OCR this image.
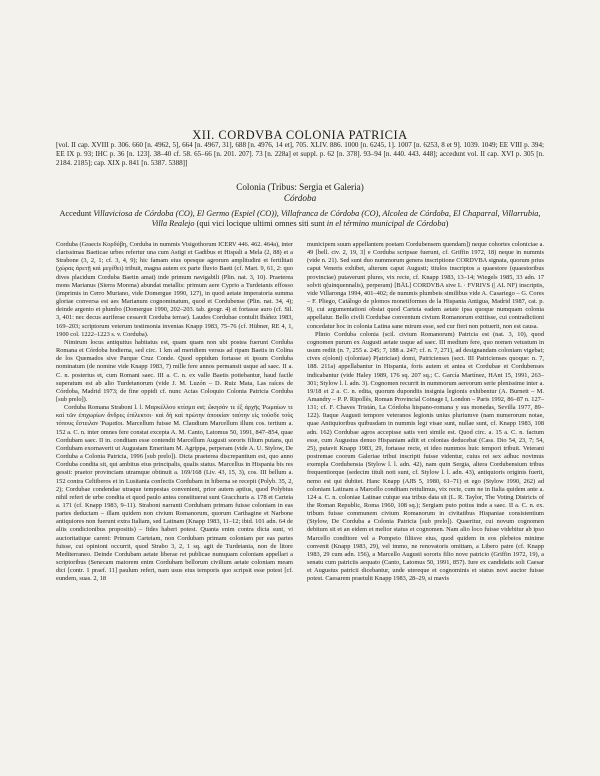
XII. CORDVBA COLONIA PATRICIA
[vol. II cap. XVIII p. 306. 660 [n. 4962, 5], 664 [n. 4967, 31], 688 [n. 4976, 14 et], 705. XLIV. 886. 1000 [n. 6245, 1]. 1007 [n. 6253, 8 et 9]. 1039. 1049; EE VIII p. 394; EE IX p. 93; IHC p. 36 [n. 123]. 38–40 cf. 58. 65–66 [n. 201. 207]. 73 [n. 228a] et suppl. p. 62 [n. 378]. 93–94 [n. 440. 443. 448]; accedunt vol. II cap. XVI p. 305 [n. 2184. 2185]; cap. XIX p. 841 [n. 5387. 5388]]
Colonia (Tribus: Sergia et Galeria)
Córdoba
Accedunt Villaviciosa de Córdoba (CO), El Germo (Espiel (CO)), Villafranca de Córdoba (CO), Alcolea de Córdoba, El Chaparral, Villarrubia, Villa Realejo (qui vici locique ultimi omnes siti sunt in el término municipal de Córdoba)

Corduba (Graecis Κορδύβη, Corduba in nummis Visigothorum ICERV 446. 462. 464a), inter clarissimas Baeticae urbes refertur una cum Astigi et Gadibus et Hispali a Mela (2, 88) et a Strabone (3, 2, 1; cf. 3, 4, 9); hic famam eius opesque agrorum amplitudini et fertilitati (χώρας ἀρετῇ καὶ μεγέθει) tribuit, magna autem ex parte fluvio Baeti (cf. Mart. 9, 61, 2: quo dives placidum Corduba Baetin amat) inde primum navigabili (Plin. nat. 3, 10). Praeterea mons Marianus (Sierra Morena) abundat metallis: primum aere Cyprio a Turdetanis effosso (imprimis in Cerro Muriano, vide Domergue 1990, 127), in quod aetate imperatoria summa gloriae conversa est aes Marianum cognominatum, quod et Cordubense (Plin. nat. 34, 4); deinde argento et plumbo (Domergue 1990, 202–203. tab. geogr. 4) et fortasse auro (cf. Sil. 3, 401: nec decus auriferae cessavit Corduba terrae). Laudes Cordubae contulit Ibáñez 1983, 169–203; scriptorum veterum testimonia invenias Knapp 1983, 75–76 (cf. Hübner, RE 4, 1, 1900 col. 1222–1223 s. v. Corduba).

Nimirum locus antiquitus habitatus est, quam quam non ubi postea fuerunt Corduba Romana et Córdoba hodierna, sed circ. 1 km ad meridiem versus ad ripam Baetis in Colina de los Quemados sive Parque Cruz Conde. Quod oppidum fortasse et ipsum Corduba nominatum (de nomine vide Knapp 1983, 7) mille fere annos permansit usque ad saec. II a. C. n. posterius et, cum Romani saec. III a. C. n. ex valle Baetis potiebantur, haud facile superatum est ab alio Turdetanorum (vide J. M. Luzón – D. Ruiz Mata, Las raíces de Córdoba, Madrid 1973; de fine oppidi cf. nunc Actas Coloquio Colonia Patricia Corduba [sub prelo]).

Corduba Romana Straboni l. l. Μαρκέλλου κτίσμα est; ὤκησάν τε ἐξ ἀρχῆς Ῥωμαίων τε καὶ τῶν ἐπιχωρίων ἄνδρες ἐπίλεκτοι· καὶ δὴ καὶ πρώτην ἀποικίαν ταύτην εἰς τούσδε τοὺς τόπους ἔστειλαν Ῥωμαῖοι. Marcellum fuisse M. Claudium Marcellum illum cos. tertium a. 152 a. C. n. inter omnes fere constat excepta A. M. Canto, Latomus 50, 1991, 847–854, quae Cordubam saec. II in. conditam esse contendit Marcellum Augusti sororis filium putans, qui Cordubam exornaverit ut Augustam Emeritam M. Agrippa, perperam (vide A. U. Stylow, De Corduba a Colonia Patricia, 1996 [sub prelo]). Dicta praeterea discrepantium est, quo anno Corduba condita sit, qui ambitus eius principalis, qualis status. Marcellus in Hispania bis res gessit: praetor provinciam utramque obtinuit a. 169/168 (Liv. 43, 15, 3), cos. III bellum a. 152 contra Celtiberos et in Lusitania confectis Cordubam in hiberna se recepit (Polyb. 35, 2, 2); Cordubae condendae utraque tempestas convenient, prior autem aptius, quod Polybius nihil refert de urbe condita et quod paulo antea constituerat sunt Gracchuris a. 178 et Carteia a. 171 (cf. Knapp 1983, 9–11). Straboni narranti Cordubam primam fuisse coloniam in eas partes deductam – illam quidem non civium Romanorum, quorum Carthagine et Narbone antiquiores non fuerunt extra Italiam, sed Latinam (Knapp 1983, 11–12; ibid. 101 adn. 64 de aliis condicionibus propositis) – fides haberi potest. Quanta enim contra dicta sunt, vi auctoritatique carent: Primum Carteiam, non Cordubam primam coloniam per eas partes fuisse, cui opinioni occurrit, quod Strabo 3, 2, 1 sq. agit de Turdetania, non de litore Mediterraneo. Deinde Cordubam aetate liberae rei publicae numquam coloniam appellari a scriptoribus (Senecam maiorem enim Cordubam bellorum civilium aetate coloniam meam dici [contr. 1 praef. 11] paulum refert, nam usus eius temporis quo scripsit esse potest [cf. eundem, suas. 2, 18

municipem suum appellantem poetam Cordubensem quendam]) neque cohortes coloniciae a. 49 [bell. civ. 2, 19, 3] e Corduba scripsae fuerunt, cf. Griffin 1972, 18) neque in nummis (vide n. 21). Sed sunt duo nummorum genera inscriptione CORDVBA signata, quorum prius caput Veneris exhibet, alterum caput Augusti; titulos inscriptos a quaestore (quaestoribus provinciae) putaverunt plures, vix recte, cf. Knapp 1983, 13–14; Wiegels 1985, 33 adn. 17 solvit q(uinquennalis), perperam) [BÄL] CORDVBA sive L · FVRIVS (| AL NF) inscriptis, vide Villaronga 1994, 401–402; de nummis plumbeis similibus vide A. Casariego – G. Cores – F. Pliego, Catálogo de plomos monetiformes de la Hispania Antigua, Madrid 1987, cat. p. 9), cui argumentationi obstat quod Carteia eadem aetate ipsa quoque numquam colonia appellatur. Bello civili Cordubae conventum civium Romanorum extitisse, cui contradictioni concedatur hoc in colonia Latina sane mirum esse, sed cur fieri non potuerit, non est causa.

Plinio Corduba colonia (scil. civium Romanorum) Patricia est (nat. 3, 10), quod cognomen purum ex Augusti aetate usque ad saec. III medium fere, quo nomen vetustum in usum rediit (n. 7, 255 a. 245; 7, 188 a. 247; cf. n. 7, 271), ad designandam coloniam vigebat; cives c(oloni) c(oloniae) P(atriciae) domi, Patricienses (sect. III Patricienses quoque: n. 7, 188. 211a) appellabantur in Hispania, foris autem et antea et Cordubae et Cordubenses indicabantur (vide Haley 1989, 176 sq. 207 sq.; C. García Martínez, HAnt 15, 1991, 263–301; Stylow l. l. adn. 3). Cognomen recurrit in nummorum aereorum serie plenissime inter a. 19/18 et 2 a. C. n. edita, quorum dupondiis insignia legionis exhibentur (A. Burnett – M. Amandry – P. P. Ripollès, Roman Provincial Coinage I, London – Paris 1992, 86–87 n. 127–131; cf. F. Chaves Tristán, La Córdoba hispano-romana y sus monedas, Sevilla 1977, 89–122). Itaque Augusti tempore veteranos legionis unius pluriumve (nam numerorum notae, quae Antiquioribus quibusdam in nummis legi visae sunt, nullae sunt, cf. Knapp 1983, 108 adn. 162) Cordubae agros accepisse satis veri simile est. Quod circ. a. 15 a. C. n. factum esse, cum Augustus denuo Hispaniam adiit et colonias deducebat (Cass. Dio 54, 23, 7; 54, 25), putavit Knapp 1983, 29, fortasse recte, et ideo nummos huic tempori tribuit. Veterani postremae coorum Galeriae tribui inscripti fuisse videntur, cuius rei sex adhuc novimus exempla Cordubensia (Stylow l. l. adn. 42), nam quin Sergia, altera Cordubensium tribus frequentiorque (sedecim tituli noti sunt, cf. Stylow l. l. adn. 43), antiquioris originis fuerit, nemo est qui dubitet. Hanc Knapp (AJB 5, 1980, 61–71) et ego (Stylow 1990, 262) ad coloniam Latinam a Marcello conditam rettulimus, vix recte, cum ne in Italia quidem ante a. 124 a. C. n. coloniae Latinae cuique sua tribus data sit (L. R. Taylor, The Voting Districts of the Roman Republic, Roma 1960, 108 sq.); Sergiam puto potius inde a saec. II a. C. n. ex. tribum fuisse communem civium Romanorum in civitatibus Hispaniae consistentium (Stylow, De Corduba a Colonia Patricia [sub prelo]). Quaeritur, cui novum cognomen debitum sit et an eidem et melior status et cognomen. Nam alio loco fuisse videbitur ab ipso Marcello conditore vel a Pompeio filiisve eius, quod quidem in eos plebeios minime convenit (Knapp 1983, 29), vel immo, ne renovatoris omittam, a Libero patre (cf. Knapp 1983, 29 cum adn. 156), a Marcello Augusti sororis filio nove patricio (Griffin 1972, 19), a senatu cum patriciis aequato (Canto, Latomus 50, 1991, 857). Iure ex candidatis soli Caesar et Augustus patricii dicebantur, unde utereque et cognominis et status novi auctor fuisse potest. Caesarem praetulit Knapp 1983, 28–29, si mavis
